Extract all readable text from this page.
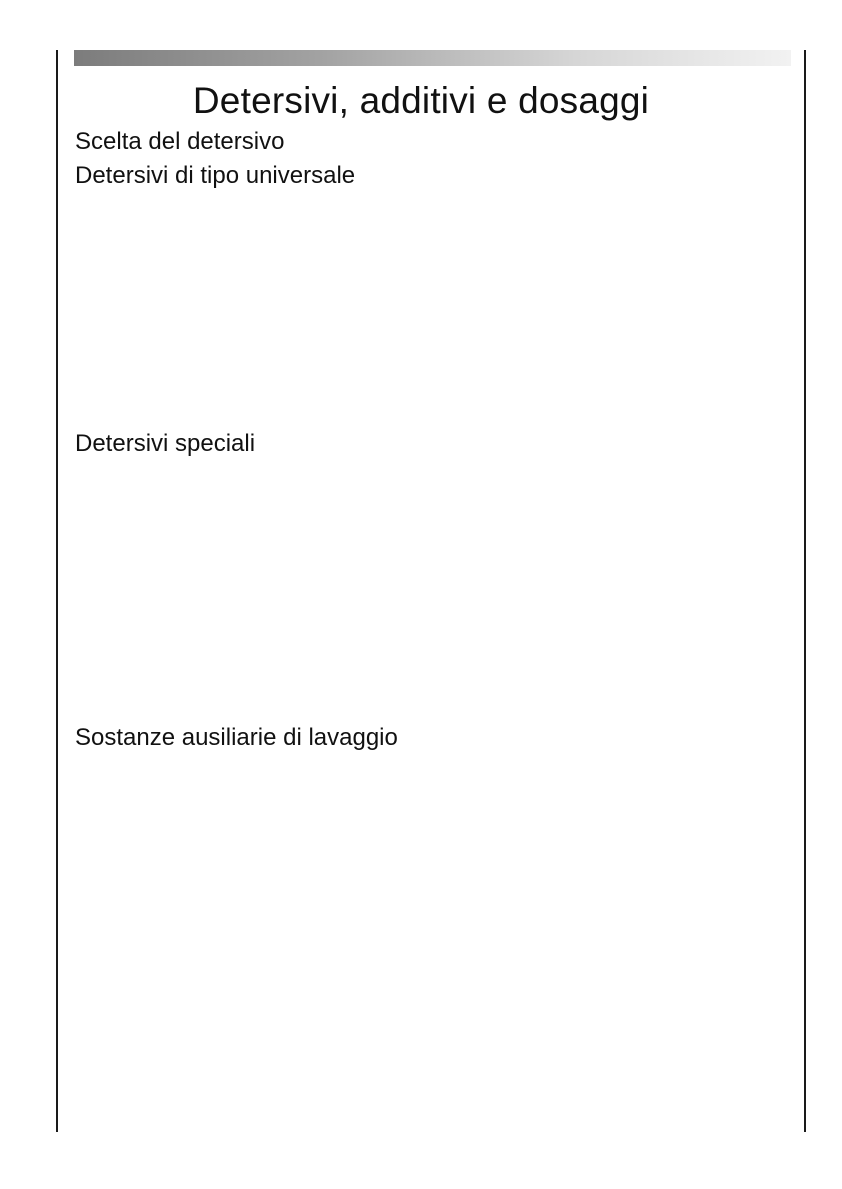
Detersivi, additivi e dosaggi
Scelta del detersivo
Detersivi di tipo universale
Detersivi speciali
Sostanze ausiliarie di lavaggio
